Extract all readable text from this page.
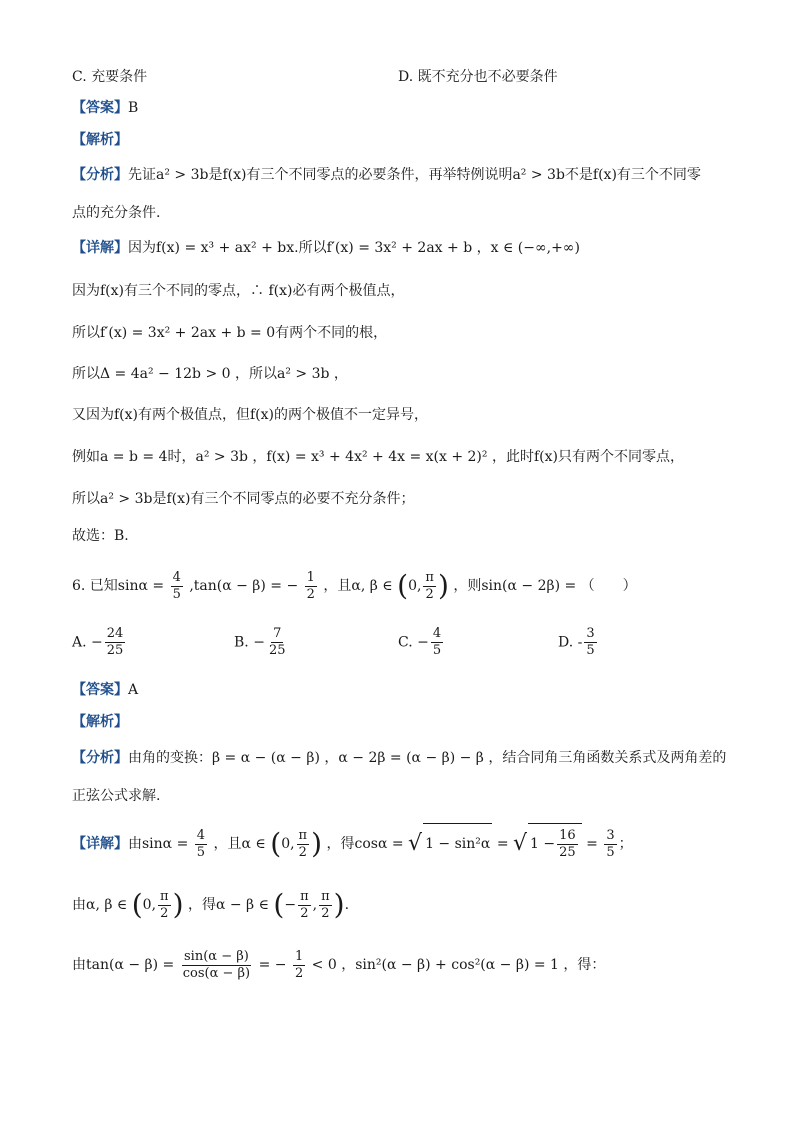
C. 充要条件	D. 既不充分也不必要条件
【答案】B
【解析】
【分析】先证a² > 3b是f(x)有三个不同零点的必要条件，再举特例说明a² > 3b不是f(x)有三个不同零
点的充分条件.
【详解】因为f(x) = x³ + ax² + bx.所以f′(x) = 3x² + 2ax + b ，x ∈ (−∞,+∞)
因为f(x)有三个不同的零点，∴ f(x)必有两个极值点，
所以f′(x) = 3x² + 2ax + b = 0有两个不同的根，
所以Δ = 4a² − 12b > 0 ，所以a² > 3b ，
又因为f(x)有两个极值点，但f(x)的两个极值不一定异号，
例如a = b = 4时，a² > 3b ，f(x) = x³ + 4x² + 4x = x(x + 2)² ，此时f(x)只有两个不同零点，
所以a² > 3b是f(x)有三个不同零点的必要不充分条件；
故选：B.
6. 已知$\sin\alpha = \frac{4}{5} ,\tan(\alpha - \beta)$ = − $\frac{1}{2}$ ，且α, β ∈ (0, $\frac{\pi}{2}$ ) ，则sin(α − 2β) = （　　）
A. − $\frac{24}{25}$	B. − $\frac{7}{25}$	C. − $\frac{4}{5}$	D. - $\frac{3}{5}$
【答案】A
【解析】
【分析】由角的变换：β = α − (α − β) ，α − 2β = (α − β) − β ，结合同角三角函数关系式及两角差的
正弦公式求解.
【详解】由$\sin\alpha = \frac{4}{5}$ ，且α ∈ (0, $\frac{\pi}{2}$ ) ，得cosα = √ 1 − sin²α = √ $1 - \frac{16}{25} = \frac{3}{5}$ ；
由α, β ∈ (0, $\frac{\pi}{2}$ ) ，得α − β ∈ (− $\frac{\pi}{2}$ , $\frac{\pi}{2}$ ).
由$\tan(\alpha - \beta) = \frac{\sin(\alpha - \beta)}{\cos(\alpha - \beta)}$ = − $\frac{1}{2} < 0$ ，sin²(α − β) + cos²(α − β) = 1 ，得：
